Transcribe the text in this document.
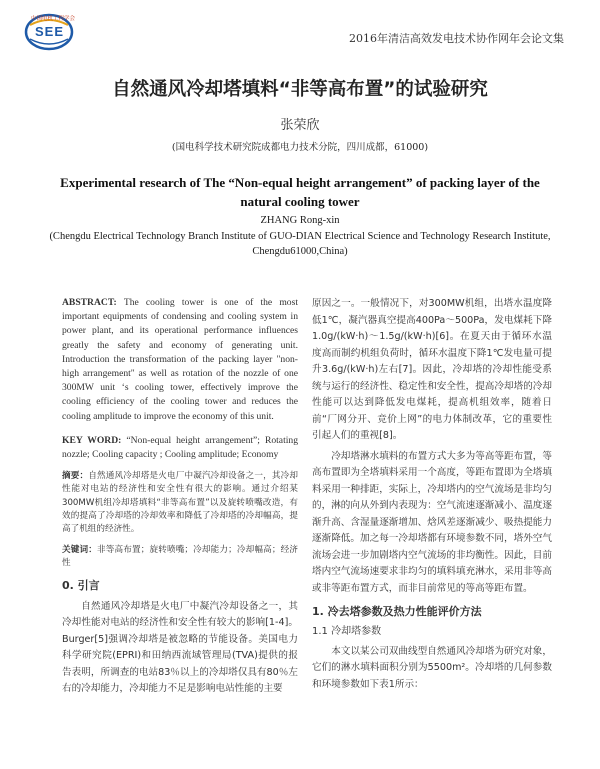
SEE
中国电机工程学会
2016年清洁高效发电技术协作网年会论文集
自然通风冷却塔填料“非等高布置”的试验研究
张荣欣
(国电科学技术研究院成都电力技术分院，四川成都，61000)
Experimental research of The “Non-equal height arrangement” of packing layer of the natural cooling tower
ZHANG Rong-xin
(Chengdu Electrical Technology Branch Institute of GUO-DIAN Electrical Science and Technology Research Institute, Chengdu61000,China)

ABSTRACT: The cooling tower is one of the most important equipments of condensing and cooling system in power plant, and its operational performance influences greatly the safety and economy of generating unit. Introduction the transformation of the packing layer "non-high arrangement" as well as rotation of the nozzle of one 300MW unit ‘s cooling tower, effectively improve the cooling efficiency of the cooling tower and reduces the cooling amplitude to improve the economy of this unit.

KEY WORD: “Non-equal height arrangement”; Rotating nozzle; Cooling capacity ; Cooling amplitude; Economy

摘要：自然通风冷却塔是火电厂中凝汽冷却设备之一，其冷却性能对电站的经济性和安全性有很大的影响。通过介绍某300MW机组冷却塔填料“非等高布置”以及旋转喷嘴改造，有效的提高了冷却塔的冷却效率和降低了冷却塔的冷却幅高，提高了机组的经济性。

关键词：非等高布置；旋转喷嘴；冷却能力；冷却幅高；经济性

0. 引言

自然通风冷却塔是火电厂中凝汽冷却设备之一，其冷却性能对电站的经济性和安全性有较大的影响[1-4]。Burger[5]强调冷却塔是被忽略的节能设备。美国电力科学研究院(EPRI)和田纳西流域管理局(TVA)提供的报告表明，所调查的电站83％以上的冷却塔仅具有80％左右的冷却能力，冷却能力不足是影响电站性能的主要

原因之一。一般情况下，对300MW机组，出塔水温度降低1℃，凝汽器真空提高400Pa～500Pa，发电煤耗下降1.0g/(kW·h)～1.5g/(kW·h)[6]。在夏天由于循环水温度高而制约机组负荷时，循环水温度下降1℃发电量可提升3.6g/(kW·h)左右[7]。因此，冷却塔的冷却性能受系统与运行的经济性、稳定性和安全性，提高冷却塔的冷却性能可以达到降低发电煤耗，提高机组效率，随着日前“厂网分开、竞价上网”的电力体制改革，它的重要性引起人们的重视[8]。

冷却塔淋水填料的布置方式大多为等高等距布置，等高布置即为全塔填料采用一个高度，等距布置即为全塔填料采用一种排距，实际上，冷却塔内的空气流场是非均匀的，淋的向从外到内表现为：空气流速逐渐减小、温度逐渐升高、含湿量逐渐增加、焓风差逐渐减少、吸热提能力逐渐降低。加之每一冷却塔都有环境参数不同，塔外空气流场会进一步加剧塔内空气流场的非均衡性。因此，目前塔内空气流场速要求非均匀的填料填充淋水，采用非等高或非等距布置方式，而非目前常见的等高等距布置。

1. 冷去塔参数及热力性能评价方法
1.1 冷却塔参数

本文以某公司双曲线型自然通风冷却塔为研究对象，它们的淋水填料面积分别为5500m²。冷却塔的几何参数和环境参数如下表1所示：
